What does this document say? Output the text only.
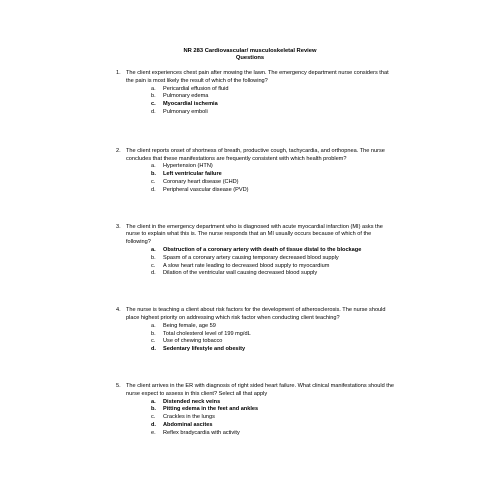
NR 283 Cardiovascular/ musculoskeletal Review
Questions
1. The client experiences chest pain after mowing the lawn. The emergency department nurse considers that the pain is most likely the result of which of the following?
a. Pericardial effusion of fluid
b. Pulmonary edema
c. Myocardial ischemia
d. Pulmonary emboli
2. The client reports onset of shortness of breath, productive cough, tachycardia, and orthopnea. The nurse concludes that these manifestations are frequently consistent with which health problem?
a. Hypertension (HTN)
b. Left ventricular failure
c. Coronary heart disease (CHD)
d. Peripheral vascular disease (PVD)
3. The client in the emergency department who is diagnosed with acute myocardial infarction (MI) asks the nurse to explain what this is. The nurse responds that an MI usually occurs because of which of the following?
a. Obstruction of a coronary artery with death of tissue distal to the blockage
b. Spasm of a coronary artery causing temporary decreased blood supply
c. A slow heart rate leading to decreased blood supply to myocardium
d. Dilation of the ventricular wall causing decreased blood supply
4. The nurse is teaching a client about risk factors for the development of atherosclerosis. The nurse should place highest priority on addressing which risk factor when conducting client teaching?
a. Being female, age 59
b. Total cholesterol level of 199 mg/dL
c. Use of chewing tobacco
d. Sedentary lifestyle and obesity
5. The client arrives in the ER with diagnosis of right sided heart failure. What clinical manifestations should the nurse expect to assess in this client? Select all that apply
a. Distended neck veins
b. Pitting edema in the feet and ankles
c. Crackles in the lungs
d. Abdominal ascites
e. Reflex bradycardia with activity
